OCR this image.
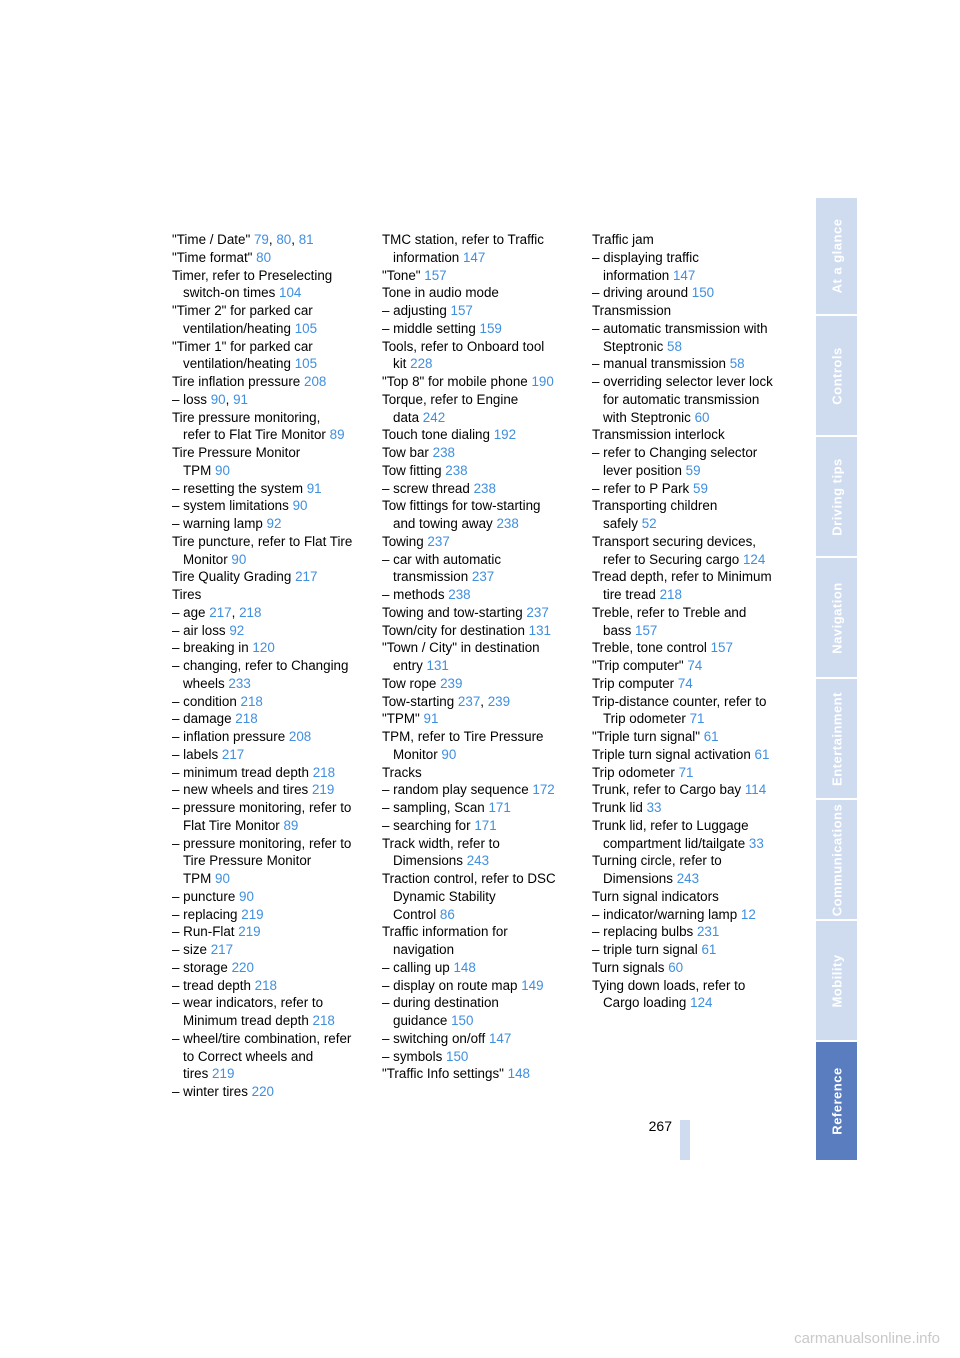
"Time / Date" 79, 80, 81
"Time format" 80
Timer, refer to Preselecting
switch-on times 104
"Timer 2" for parked car
ventilation/heating 105
"Timer 1" for parked car
ventilation/heating 105
Tire inflation pressure 208
– loss 90, 91
Tire pressure monitoring,
refer to Flat Tire Monitor 89
Tire Pressure Monitor
TPM 90
– resetting the system 91
– system limitations 90
– warning lamp 92
Tire puncture, refer to Flat Tire
Monitor 90
Tire Quality Grading 217
Tires
– age 217, 218
– air loss 92
– breaking in 120
– changing, refer to Changing
wheels 233
– condition 218
– damage 218
– inflation pressure 208
– labels 217
– minimum tread depth 218
– new wheels and tires 219
– pressure monitoring, refer to
Flat Tire Monitor 89
– pressure monitoring, refer to
Tire Pressure Monitor
TPM 90
– puncture 90
– replacing 219
– Run-Flat 219
– size 217
– storage 220
– tread depth 218
– wear indicators, refer to
Minimum tread depth 218
– wheel/tire combination, refer
to Correct wheels and
tires 219
– winter tires 220
TMC station, refer to Traffic
information 147
"Tone" 157
Tone in audio mode
– adjusting 157
– middle setting 159
Tools, refer to Onboard tool
kit 228
"Top 8" for mobile phone 190
Torque, refer to Engine
data 242
Touch tone dialing 192
Tow bar 238
Tow fitting 238
– screw thread 238
Tow fittings for tow-starting
and towing away 238
Towing 237
– car with automatic
transmission 237
– methods 238
Towing and tow-starting 237
Town/city for destination 131
"Town / City" in destination
entry 131
Tow rope 239
Tow-starting 237, 239
"TPM" 91
TPM, refer to Tire Pressure
Monitor 90
Tracks
– random play sequence 172
– sampling, Scan 171
– searching for 171
Track width, refer to
Dimensions 243
Traction control, refer to DSC
Dynamic Stability
Control 86
Traffic information for
navigation
– calling up 148
– display on route map 149
– during destination
guidance 150
– switching on/off 147
– symbols 150
"Traffic Info settings" 148
Traffic jam
– displaying traffic
information 147
– driving around 150
Transmission
– automatic transmission with
Steptronic 58
– manual transmission 58
– overriding selector lever lock
for automatic transmission
with Steptronic 60
Transmission interlock
– refer to Changing selector
lever position 59
– refer to P Park 59
Transporting children
safely 52
Transport securing devices,
refer to Securing cargo 124
Tread depth, refer to Minimum
tire tread 218
Treble, refer to Treble and
bass 157
Treble, tone control 157
"Trip computer" 74
Trip computer 74
Trip-distance counter, refer to
Trip odometer 71
"Triple turn signal" 61
Triple turn signal activation 61
Trip odometer 71
Trunk, refer to Cargo bay 114
Trunk lid 33
Trunk lid, refer to Luggage
compartment lid/tailgate 33
Turning circle, refer to
Dimensions 243
Turn signal indicators
– indicator/warning lamp 12
– replacing bulbs 231
– triple turn signal 61
Turn signals 60
Tying down loads, refer to
Cargo loading 124
At a glance
Controls
Driving tips
Navigation
Entertainment
Communications
Mobility
Reference
267
carmanualsonline.info
